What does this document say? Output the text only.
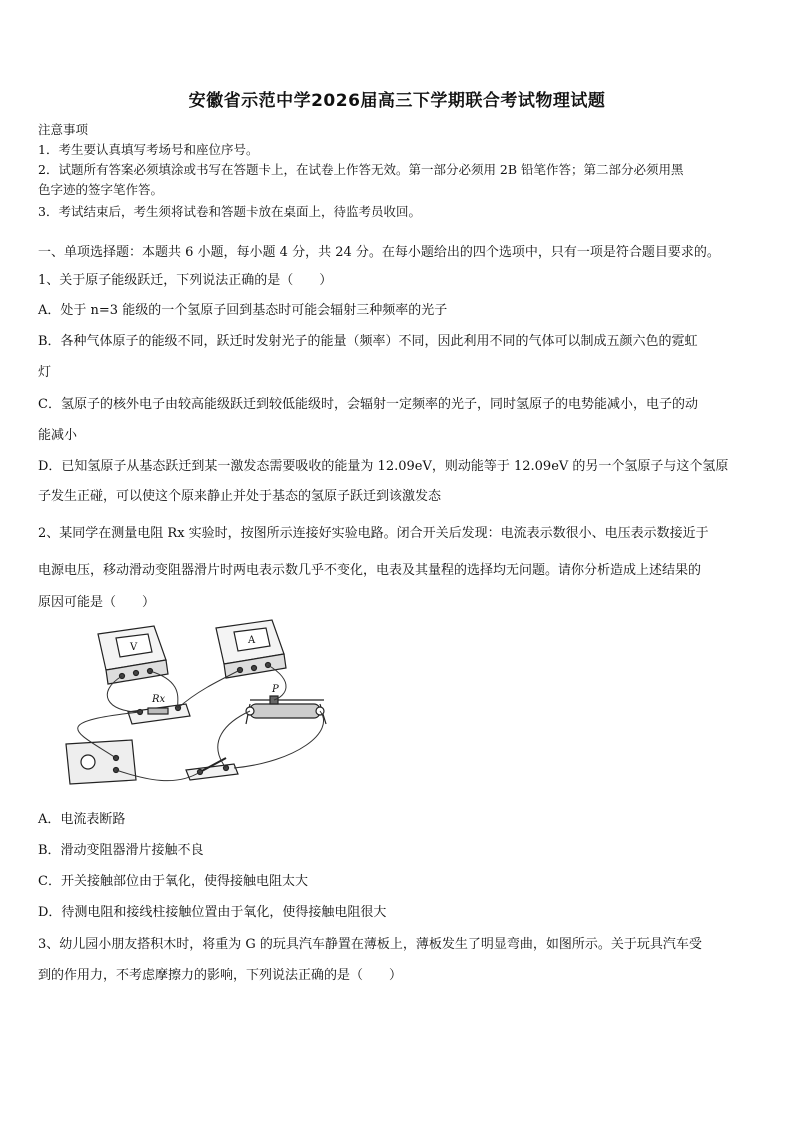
安徽省示范中学2026届高三下学期联合考试物理试题
注意事项
1．考生要认真填写考场号和座位序号。
2．试题所有答案必须填涂或书写在答题卡上，在试卷上作答无效。第一部分必须用 2B 铅笔作答；第二部分必须用黑
色字迹的签字笔作答。
3．考试结束后，考生须将试卷和答题卡放在桌面上，待监考员收回。
一、单项选择题：本题共 6 小题，每小题 4 分，共 24 分。在每小题给出的四个选项中，只有一项是符合题目要求的。
1、关于原子能级跃迁，下列说法正确的是（　　）
A．处于 n=3 能级的一个氢原子回到基态时可能会辐射三种频率的光子
B．各种气体原子的能级不同，跃迁时发射光子的能量（频率）不同，因此利用不同的气体可以制成五颜六色的霓虹
灯
C．氢原子的核外电子由较高能级跃迁到较低能级时，会辐射一定频率的光子，同时氢原子的电势能减小，电子的动
能减小
D．已知氢原子从基态跃迁到某一激发态需要吸收的能量为 12.09eV，则动能等于 12.09eV 的另一个氢原子与这个氢原
子发生正碰，可以使这个原来静止并处于基态的氢原子跃迁到该激发态
2、某同学在测量电阻 Rx 实验时，按图所示连接好实验电路。闭合开关后发现：电流表示数很小、电压表示数接近于
电源电压，移动滑动变阻器滑片时两电表示数几乎不变化，电表及其量程的选择均无问题。请你分析造成上述结果的
原因可能是（　　）
V
A
Rx
P
A．电流表断路
B．滑动变阻器滑片接触不良
C．开关接触部位由于氧化，使得接触电阻太大
D．待测电阻和接线柱接触位置由于氧化，使得接触电阻很大
3、幼儿园小朋友搭积木时，将重为 G 的玩具汽车静置在薄板上，薄板发生了明显弯曲，如图所示。关于玩具汽车受
到的作用力，不考虑摩擦力的影响，下列说法正确的是（　　）
